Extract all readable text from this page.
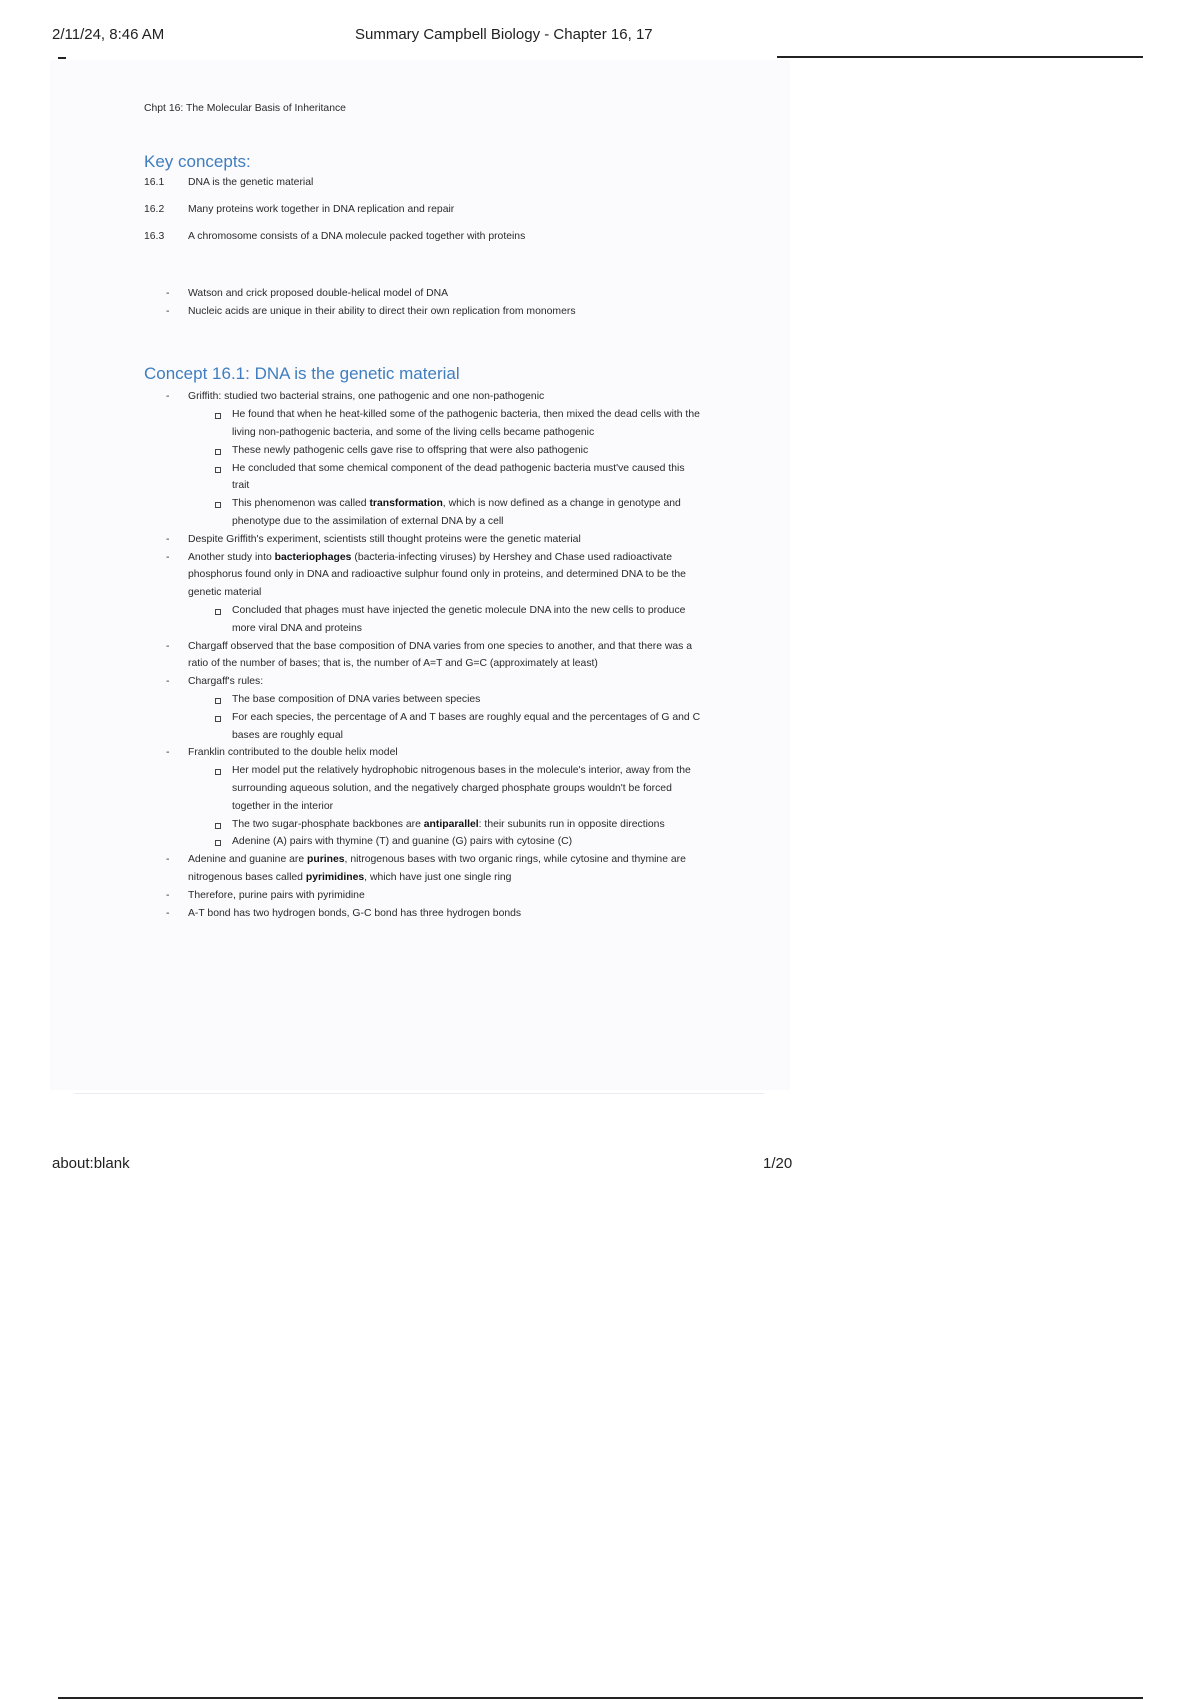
2/11/24, 8:46 AM	Summary Campbell Biology - Chapter 16, 17
Chpt 16: The Molecular Basis of Inheritance
Key concepts:
16.1	DNA is the genetic material
16.2	Many proteins work together in DNA replication and repair
16.3	A chromosome consists of a DNA molecule packed together with proteins
- Watson and crick proposed double-helical model of DNA
- Nucleic acids are unique in their ability to direct their own replication from monomers
Concept 16.1: DNA is the genetic material
- Griffith: studied two bacterial strains, one pathogenic and one non-pathogenic
He found that when he heat-killed some of the pathogenic bacteria, then mixed the dead cells with the living non-pathogenic bacteria, and some of the living cells became pathogenic
These newly pathogenic cells gave rise to offspring that were also pathogenic
He concluded that some chemical component of the dead pathogenic bacteria must've caused this trait
This phenomenon was called transformation, which is now defined as a change in genotype and phenotype due to the assimilation of external DNA by a cell
- Despite Griffith's experiment, scientists still thought proteins were the genetic material
- Another study into bacteriophages (bacteria-infecting viruses) by Hershey and Chase used radioactivate phosphorus found only in DNA and radioactive sulphur found only in proteins, and determined DNA to be the genetic material
Concluded that phages must have injected the genetic molecule DNA into the new cells to produce more viral DNA and proteins
- Chargaff observed that the base composition of DNA varies from one species to another, and that there was a ratio of the number of bases; that is, the number of A=T and G=C (approximately at least)
- Chargaff's rules:
The base composition of DNA varies between species
For each species, the percentage of A and T bases are roughly equal and the percentages of G and C bases are roughly equal
- Franklin contributed to the double helix model
Her model put the relatively hydrophobic nitrogenous bases in the molecule's interior, away from the surrounding aqueous solution, and the negatively charged phosphate groups wouldn't be forced together in the interior
The two sugar-phosphate backbones are antiparallel: their subunits run in opposite directions
Adenine (A) pairs with thymine (T) and guanine (G) pairs with cytosine (C)
- Adenine and guanine are purines, nitrogenous bases with two organic rings, while cytosine and thymine are nitrogenous bases called pyrimidines, which have just one single ring
- Therefore, purine pairs with pyrimidine
- A-T bond has two hydrogen bonds, G-C bond has three hydrogen bonds
about:blank	1/20
